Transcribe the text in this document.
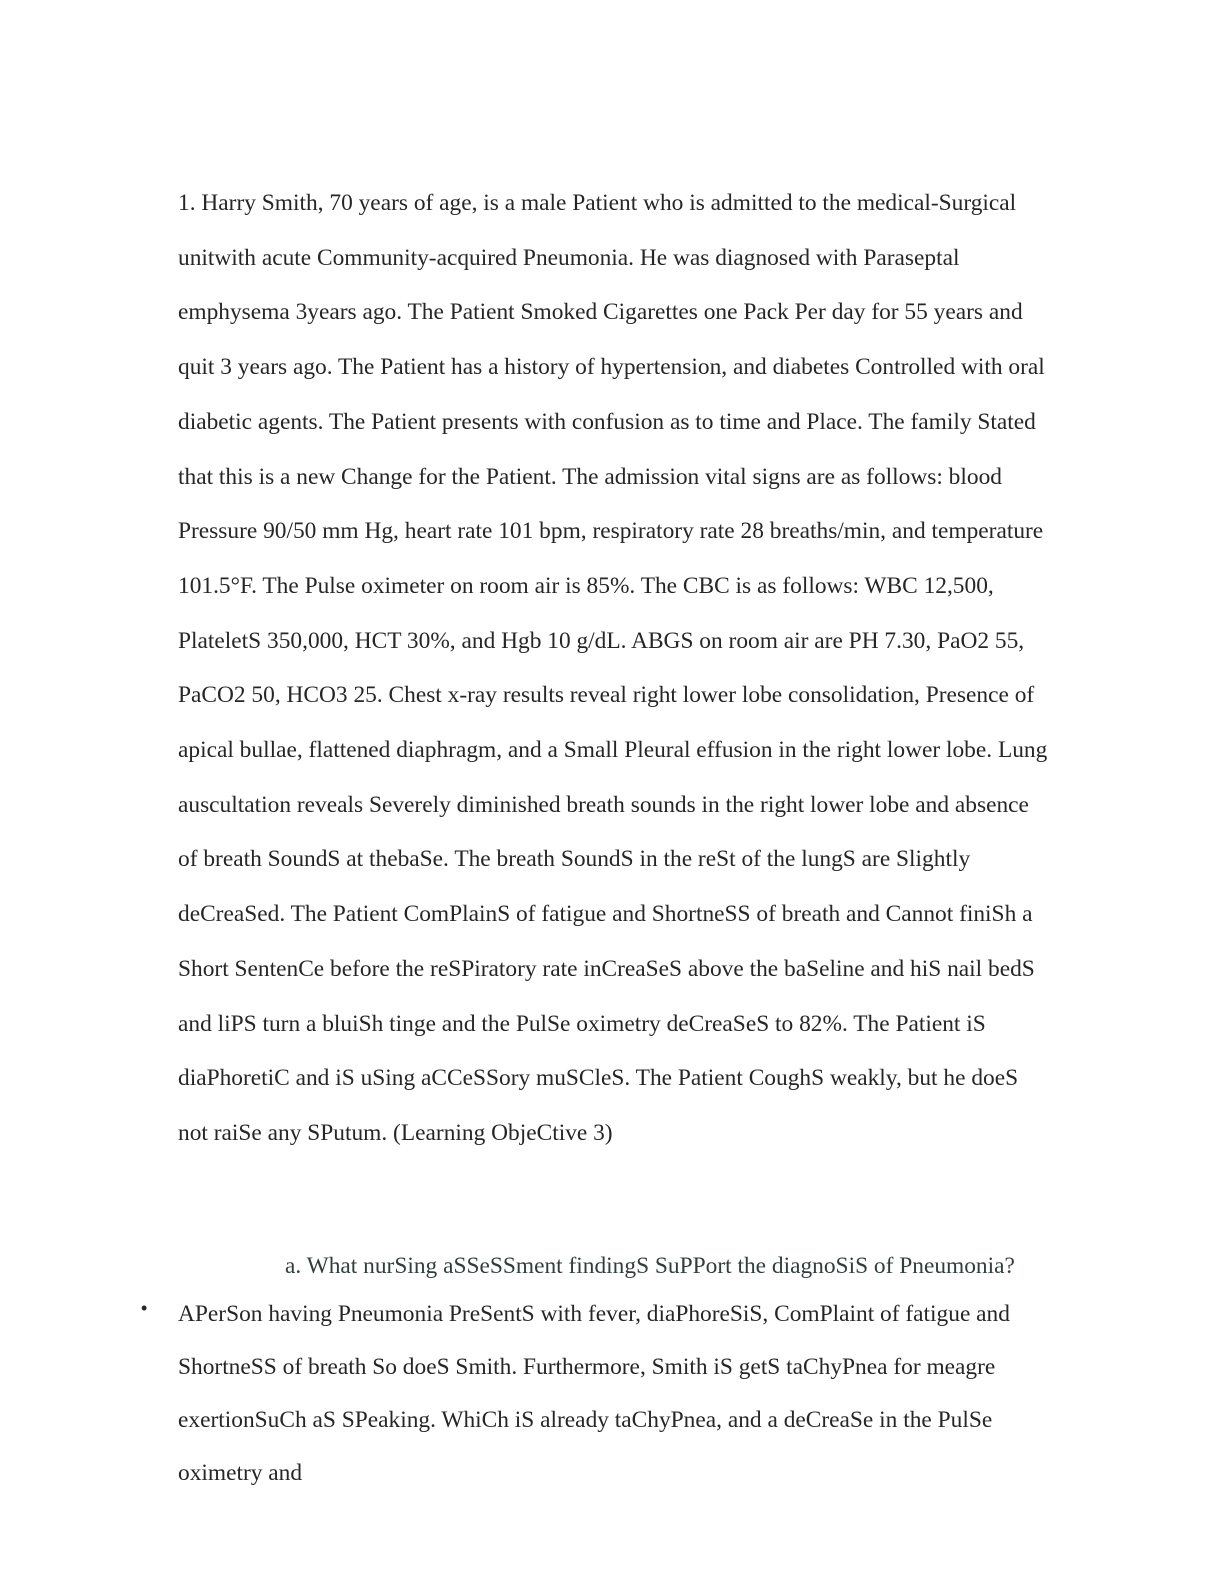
1. Harry Smith, 70 years of age, is a male Patient who is admitted to the medical-Surgical
unitwith acute Community-acquired Pneumonia. He was diagnosed with Paraseptal
emphysema 3years ago. The Patient Smoked Cigarettes one Pack Per day for 55 years and
quit 3 years ago. The Patient has a history of hypertension, and diabetes Controlled with oral
diabetic agents. The Patient presents with confusion as to time and Place. The family Stated
that this is a new Change for the Patient. The admission vital signs are as follows: blood
Pressure 90/50 mm Hg, heart rate 101 bpm, respiratory rate 28 breaths/min, and temperature
101.5°F. The Pulse oximeter on room air is 85%. The CBC is as follows: WBC 12,500,
PlateletS 350,000, HCT 30%, and Hgb 10 g/dL. ABGS on room air are PH 7.30, PaO2 55,
PaCO2 50, HCO3 25. Chest x-ray results reveal right lower lobe consolidation, Presence of
apical bullae, flattened diaphragm, and a Small Pleural effusion in the right lower lobe. Lung
auscultation reveals Severely diminished breath sounds in the right lower lobe and absence
of breath SoundS at thebaSe. The breath SoundS in the reSt of the lungS are Slightly
deCreaSed. The Patient ComPlainS of fatigue and ShortneSS of breath and Cannot finiSh a
Short SentenCe before the reSPiratory rate inCreaSeS above the baSeline and hiS nail bedS
and liPS turn a bluiSh tinge and the PulSe oximetry deCreaSeS to 82%. The Patient iS
diaPhoretiC and iS uSing aCCeSSory muSCleS. The Patient CoughS weakly, but he doeS
not raiSe any SPutum. (Learning ObjeCtive 3)
a. What nurSing aSSeSSment findingS SuPPort the diagnoSiS of Pneumonia?
• APerSon having Pneumonia PreSentS with fever, diaPhoreSiS, ComPlaint of fatigue and
ShortneSS of breath So doeS Smith. Furthermore, Smith iS getS taChyPnea for meagre
exertionSuCh aS SPeaking. WhiCh iS already taChyPnea, and a deCreaSe in the PulSe
oximetry and
